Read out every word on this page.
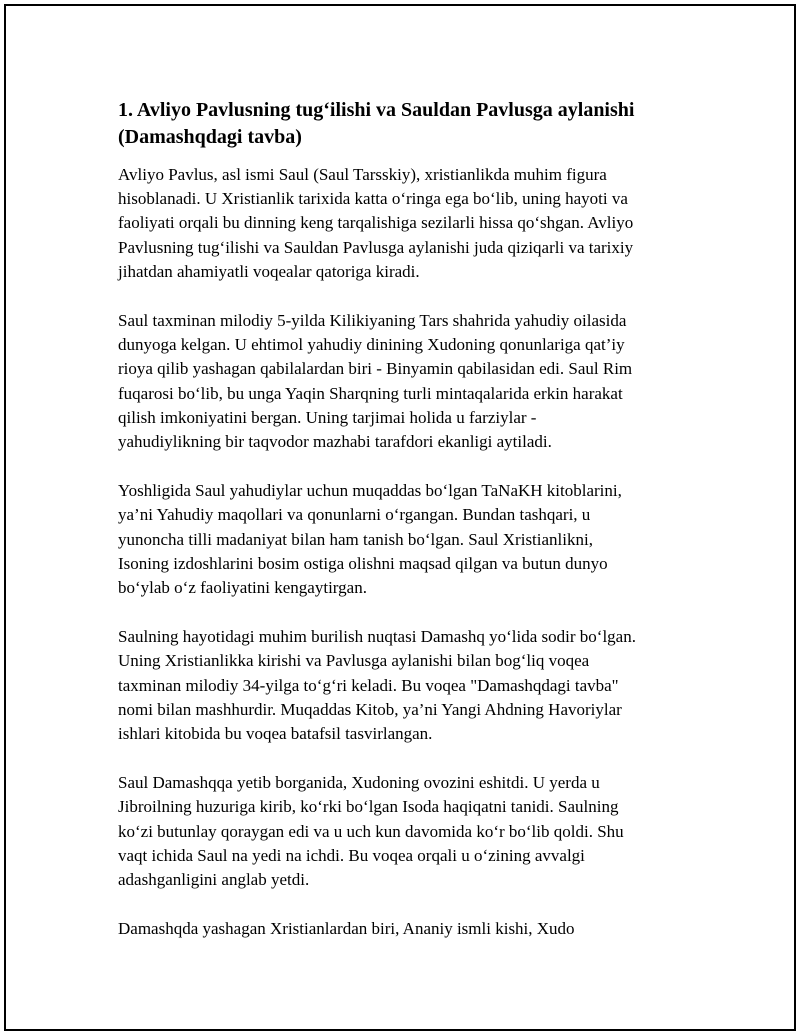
1. Avliyo Pavlusning tug‘ilishi va Sauldan Pavlusga aylanishi
(Damashqdagi tavba)

Avliyo Pavlus, asl ismi Saul (Saul Tarsskiy), xristianlikda muhim figura
hisoblanadi. U Xristianlik tarixida katta o‘ringa ega bo‘lib, uning hayoti va
faoliyati orqali bu dinning keng tarqalishiga sezilarli hissa qo‘shgan. Avliyo
Pavlusning tug‘ilishi va Sauldan Pavlusga aylanishi juda qiziqarli va tarixiy
jihatdan ahamiyatli voqealar qatoriga kiradi.

Saul taxminan milodiy 5-yilda Kilikiyaning Tars shahrida yahudiy oilasida
dunyoga kelgan. U ehtimol yahudiy dinining Xudoning qonunlariga qat’iy
rioya qilib yashagan qabilalardan biri - Binyamin qabilasidan edi. Saul Rim
fuqarosi bo‘lib, bu unga Yaqin Sharqning turli mintaqalarida erkin harakat
qilish imkoniyatini bergan. Uning tarjimai holida u farziylar -
yahudiylikning bir taqvodor mazhabi tarafdori ekanligi aytiladi.

Yoshligida Saul yahudiylar uchun muqaddas bo‘lgan TaNaKH kitoblarini,
ya’ni Yahudiy maqollari va qonunlarni o‘rgangan. Bundan tashqari, u
yunoncha tilli madaniyat bilan ham tanish bo‘lgan. Saul Xristianlikni,
Isoning izdoshlarini bosim ostiga olishni maqsad qilgan va butun dunyo
bo‘ylab o‘z faoliyatini kengaytirgan.

Saulning hayotidagi muhim burilish nuqtasi Damashq yo‘lida sodir bo‘lgan.
Uning Xristianlikka kirishi va Pavlusga aylanishi bilan bog‘liq voqea
taxminan milodiy 34-yilga to‘g‘ri keladi. Bu voqea "Damashqdagi tavba"
nomi bilan mashhurdir. Muqaddas Kitob, ya’ni Yangi Ahdning Havoriylar
ishlari kitobida bu voqea batafsil tasvirlangan.

Saul Damashqqa yetib borganida, Xudoning ovozini eshitdi. U yerda u
Jibroilning huzuriga kirib, ko‘rki bo‘lgan Isoda haqiqatni tanidi. Saulning
ko‘zi butunlay qoraygan edi va u uch kun davomida ko‘r bo‘lib qoldi. Shu
vaqt ichida Saul na yedi na ichdi. Bu voqea orqali u o‘zining avvalgi
adashganligini anglab yetdi.

Damashqda yashagan Xristianlardan biri, Ananiy ismli kishi, Xudo
